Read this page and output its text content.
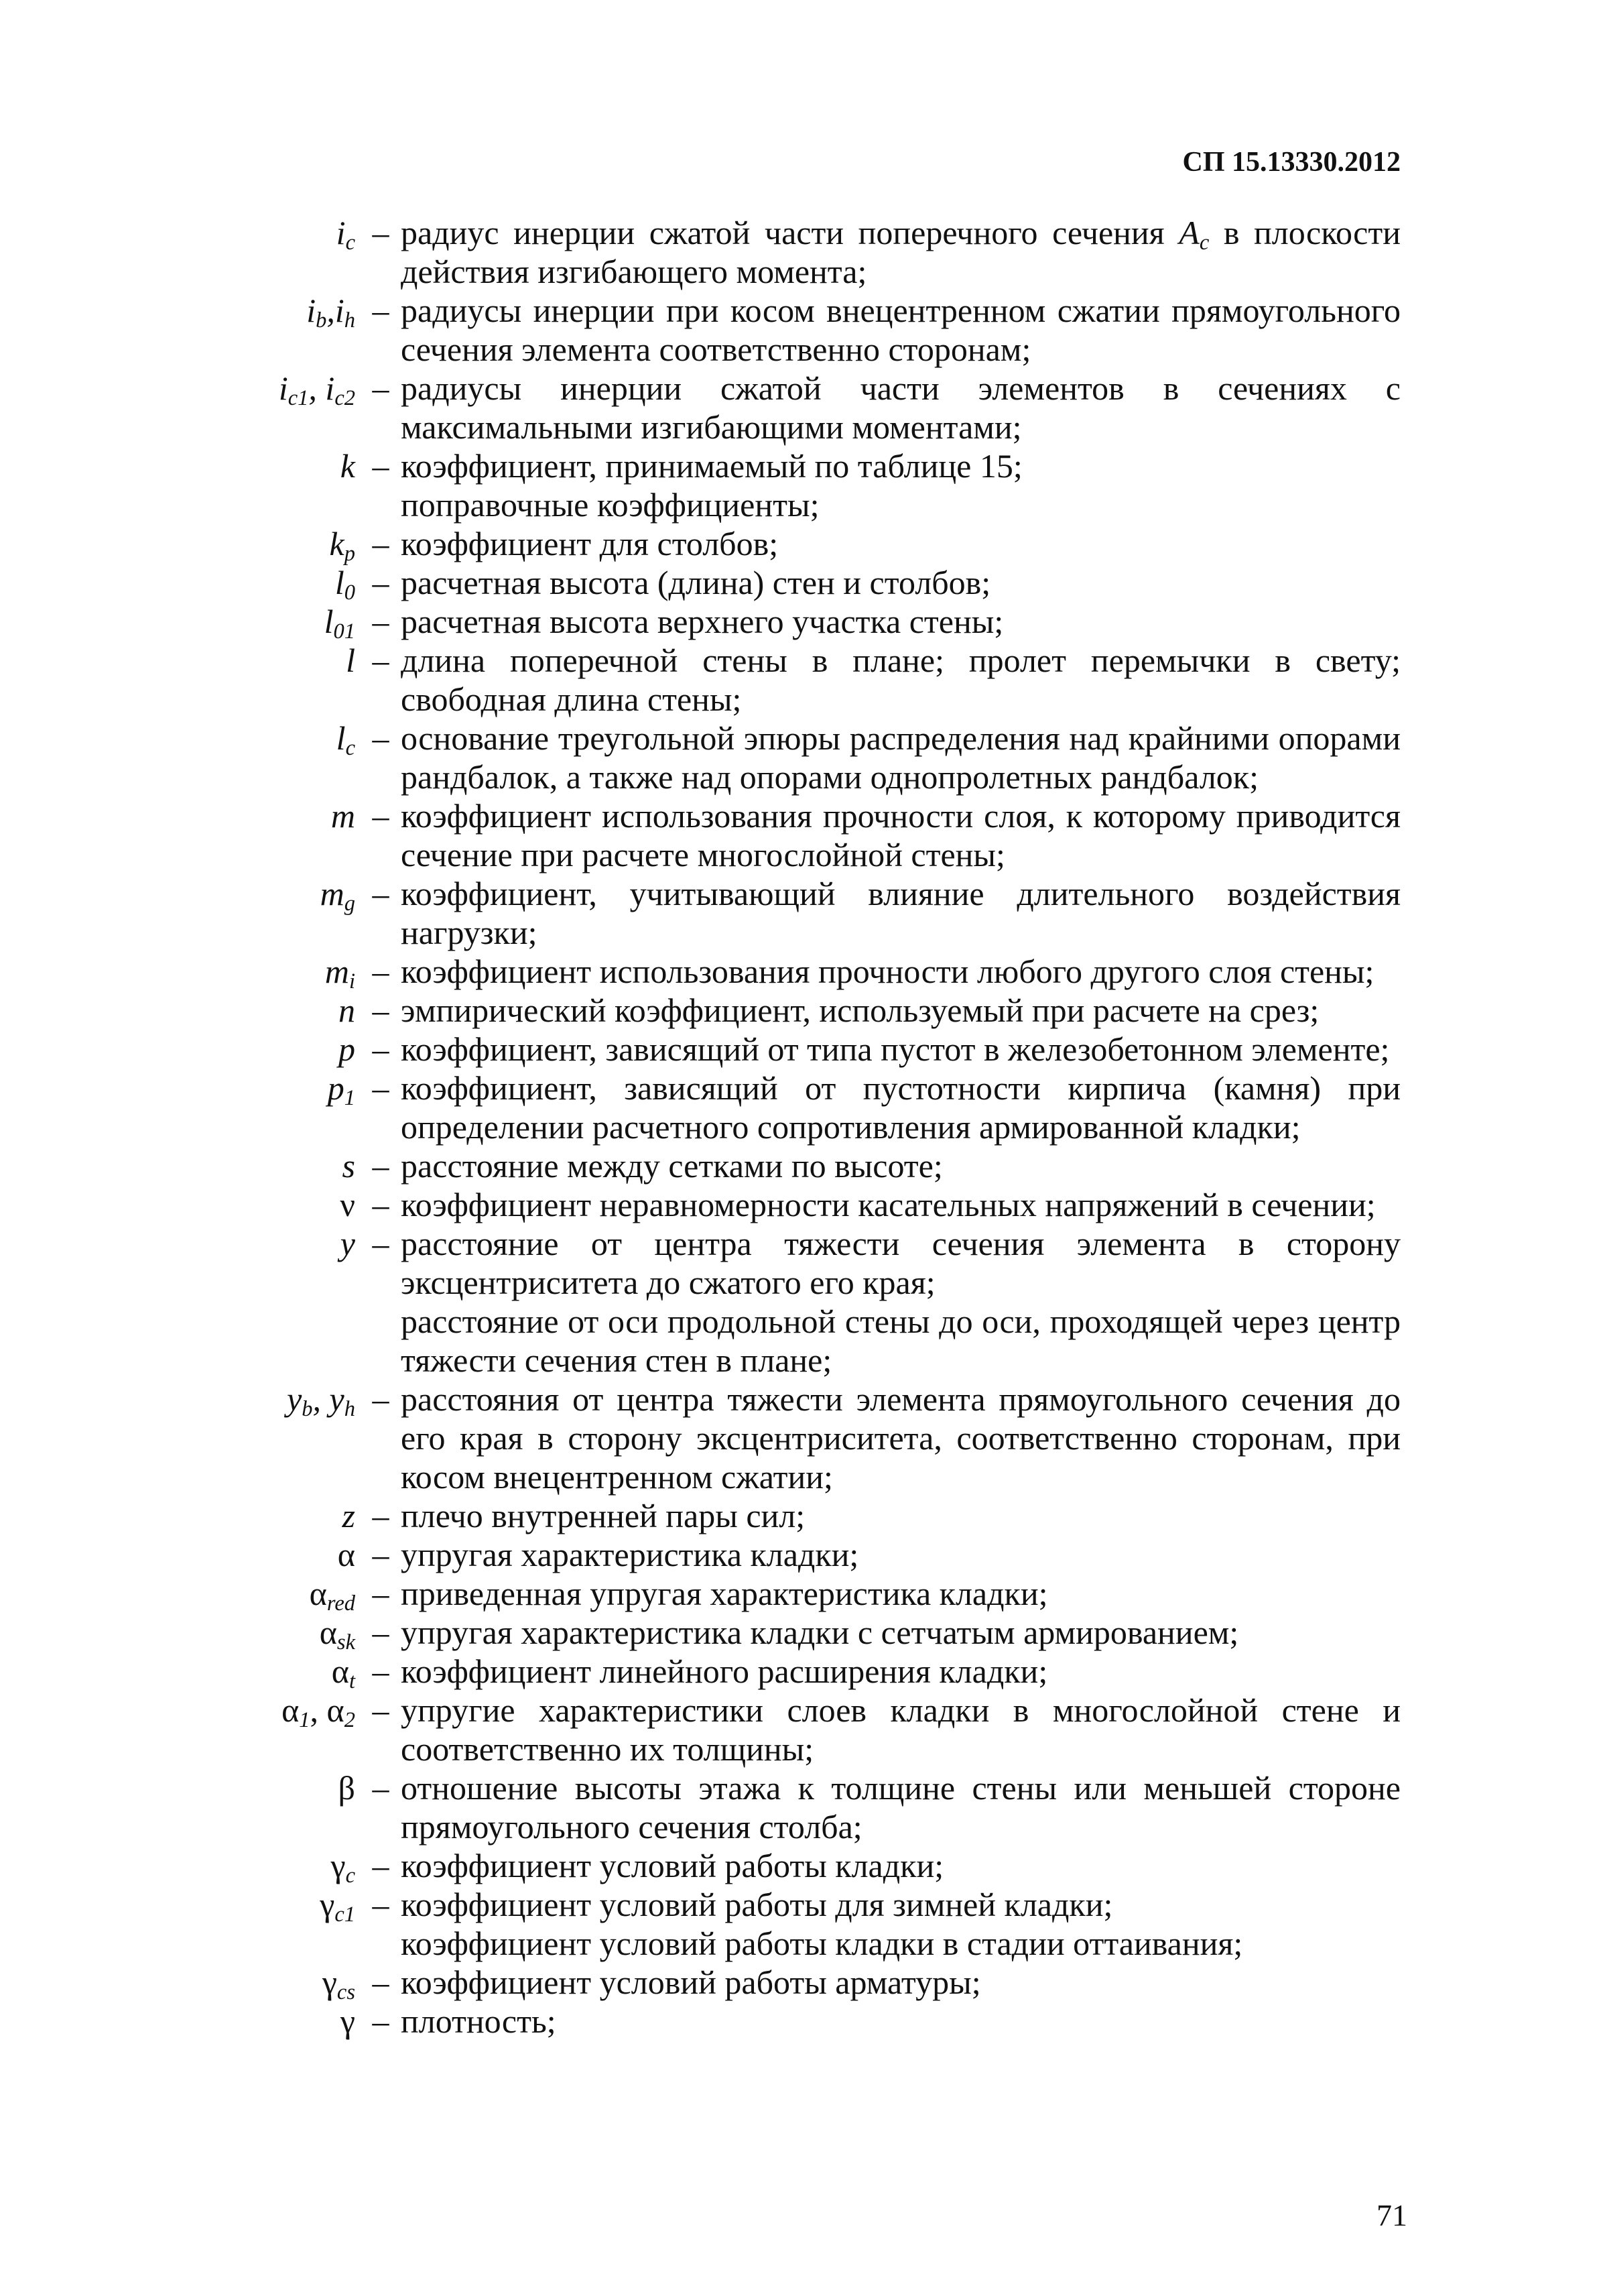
СП 15.13330.2012
$i_c$ – радиус инерции сжатой части поперечного сечения $A_c$ в плоскости действия изгибающего момента;
$i_b,i_h$ – радиусы инерции при косом внецентренном сжатии прямоугольного сечения элемента соответственно сторонам;
$i_{c1}$, $i_{c2}$ – радиусы инерции сжатой части элементов в сечениях с максимальными изгибающими моментами;
k – коэффициент, принимаемый по таблице 15;
поправочные коэффициенты;
$k_p$ – коэффициент для столбов;
$l_0$ – расчетная высота (длина) стен и столбов;
$l_{01}$ – расчетная высота верхнего участка стены;
l – длина поперечной стены в плане; пролет перемычки в свету; свободная длина стены;
$l_c$ – основание треугольной эпюры распределения над крайними опорами рандбалок, а также над опорами однопролетных рандбалок;
m – коэффициент использования прочности слоя, к которому приводится сечение при расчете многослойной стены;
$m_g$ – коэффициент, учитывающий влияние длительного воздействия нагрузки;
$m_i$ – коэффициент использования прочности любого другого слоя стены;
n – эмпирический коэффициент, используемый при расчете на срез;
p – коэффициент, зависящий от типа пустот в железобетонном элементе;
$p_1$ – коэффициент, зависящий от пустотности кирпича (камня) при определении расчетного сопротивления армированной кладки;
s – расстояние между сетками по высоте;
ν – коэффициент неравномерности касательных напряжений в сечении;
y – расстояние от центра тяжести сечения элемента в сторону эксцентриситета до сжатого его края;
расстояние от оси продольной стены до оси, проходящей через центр тяжести сечения стен в плане;
$y_b$, $y_h$ – расстояния от центра тяжести элемента прямоугольного сечения до его края в сторону эксцентриситета, соответственно сторонам, при косом внецентренном сжатии;
z – плечо внутренней пары сил;
α – упругая характеристика кладки;
$\alpha_{red}$ – приведенная упругая характеристика кладки;
$\alpha_{sk}$ – упругая характеристика кладки с сетчатым армированием;
$\alpha_t$ – коэффициент линейного расширения кладки;
$\alpha_1$, $\alpha_2$ – упругие характеристики слоев кладки в многослойной стене и соответственно их толщины;
β – отношение высоты этажа к толщине стены или меньшей стороне прямоугольного сечения столба;
$\gamma_c$ – коэффициент условий работы кладки;
$\gamma_{c1}$ – коэффициент условий работы для зимней кладки;
коэффициент условий работы кладки в стадии оттаивания;
$\gamma_{cs}$ – коэффициент условий работы арматуры;
γ – плотность;
71
